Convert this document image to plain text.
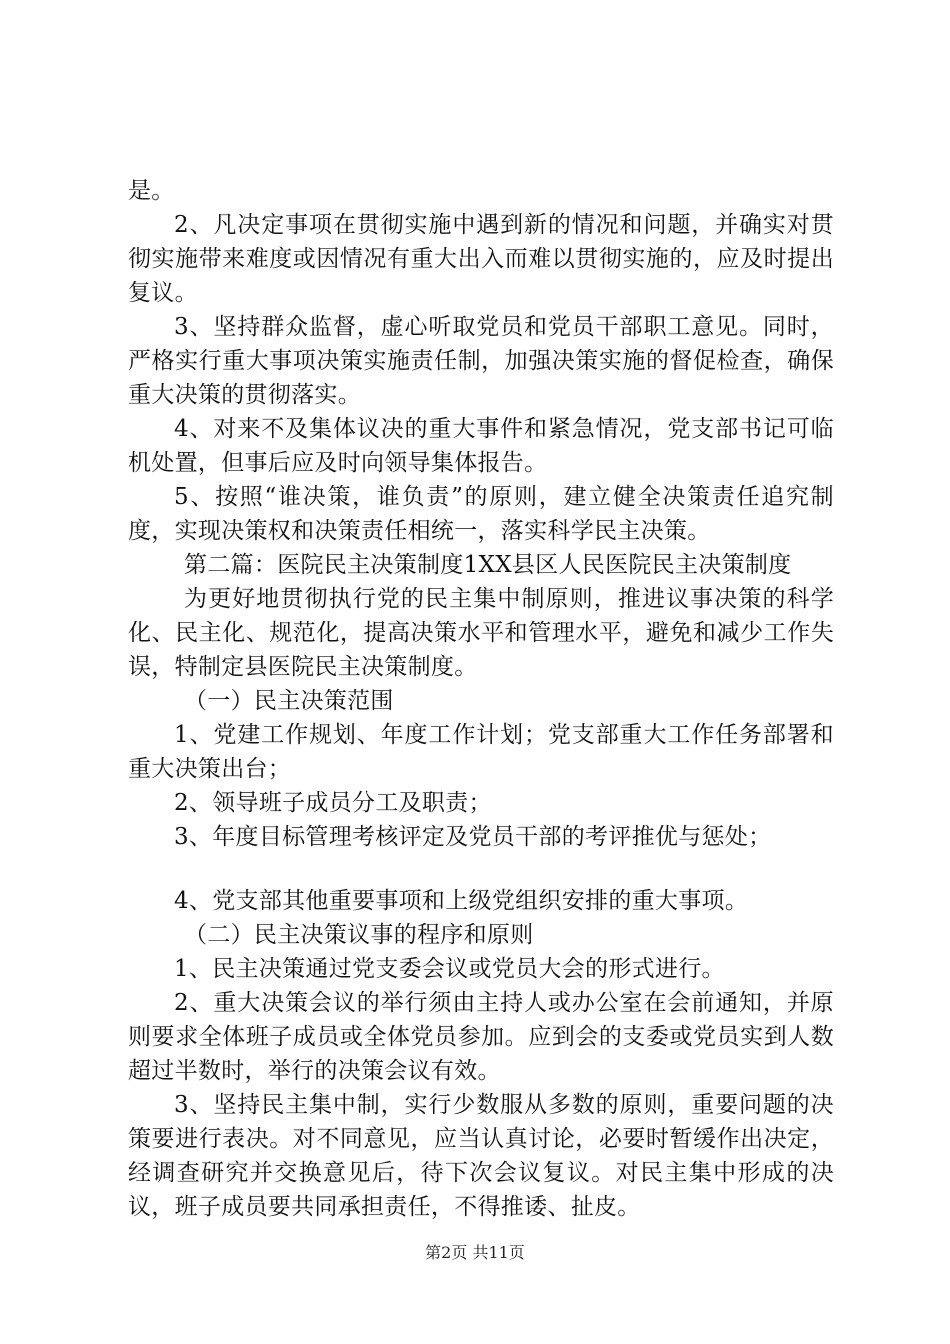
是。

2、凡决定事项在贯彻实施中遇到新的情况和问题，并确实对贯彻实施带来难度或因情况有重大出入而难以贯彻实施的，应及时提出复议。

3、坚持群众监督，虚心听取党员和党员干部职工意见。同时，严格实行重大事项决策实施责任制，加强决策实施的督促检查，确保重大决策的贯彻落实。

4、对来不及集体议决的重大事件和紧急情况，党支部书记可临机处置，但事后应及时向领导集体报告。

5、按照“谁决策，谁负责”的原则，建立健全决策责任追究制度，实现决策权和决策责任相统一，落实科学民主决策。

第二篇：医院民主决策制度1XX县区人民医院民主决策制度

为更好地贯彻执行党的民主集中制原则，推进议事决策的科学化、民主化、规范化，提高决策水平和管理水平，避免和减少工作失误，特制定县医院民主决策制度。

（一）民主决策范围

1、党建工作规划、年度工作计划；党支部重大工作任务部署和重大决策出台；

2、领导班子成员分工及职责；

3、年度目标管理考核评定及党员干部的考评推优与惩处；

4、党支部其他重要事项和上级党组织安排的重大事项。

（二）民主决策议事的程序和原则

1、民主决策通过党支委会议或党员大会的形式进行。

2、重大决策会议的举行须由主持人或办公室在会前通知，并原则要求全体班子成员或全体党员参加。应到会的支委或党员实到人数超过半数时，举行的决策会议有效。

3、坚持民主集中制，实行少数服从多数的原则，重要问题的决策要进行表决。对不同意见，应当认真讨论，必要时暂缓作出决定，经调查研究并交换意见后，待下次会议复议。对民主集中形成的决议，班子成员要共同承担责任，不得推诿、扯皮。

第2页 共11页
